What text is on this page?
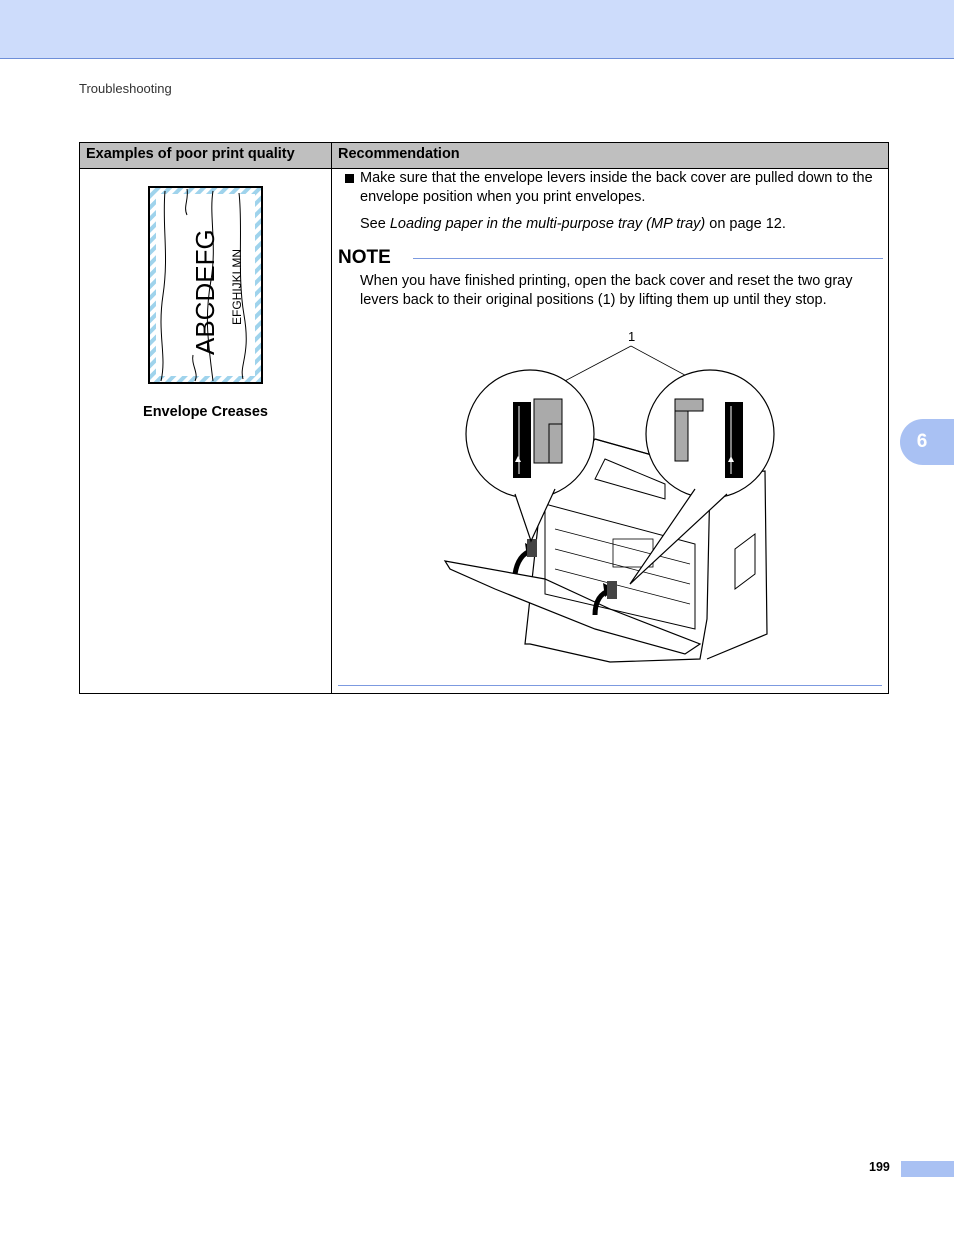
Troubleshooting
6
Examples of poor print quality	Recommendation
ABCDEFG EFGHIJKLMN
Envelope Creases
Make sure that the envelope levers inside the back cover are pulled down to the envelope position when you print envelopes.
See Loading paper in the multi-purpose tray (MP tray) on page 12.
NOTE
When you have finished printing, open the back cover and reset the two gray levers back to their original positions (1) by lifting them up until they stop.
1
199
